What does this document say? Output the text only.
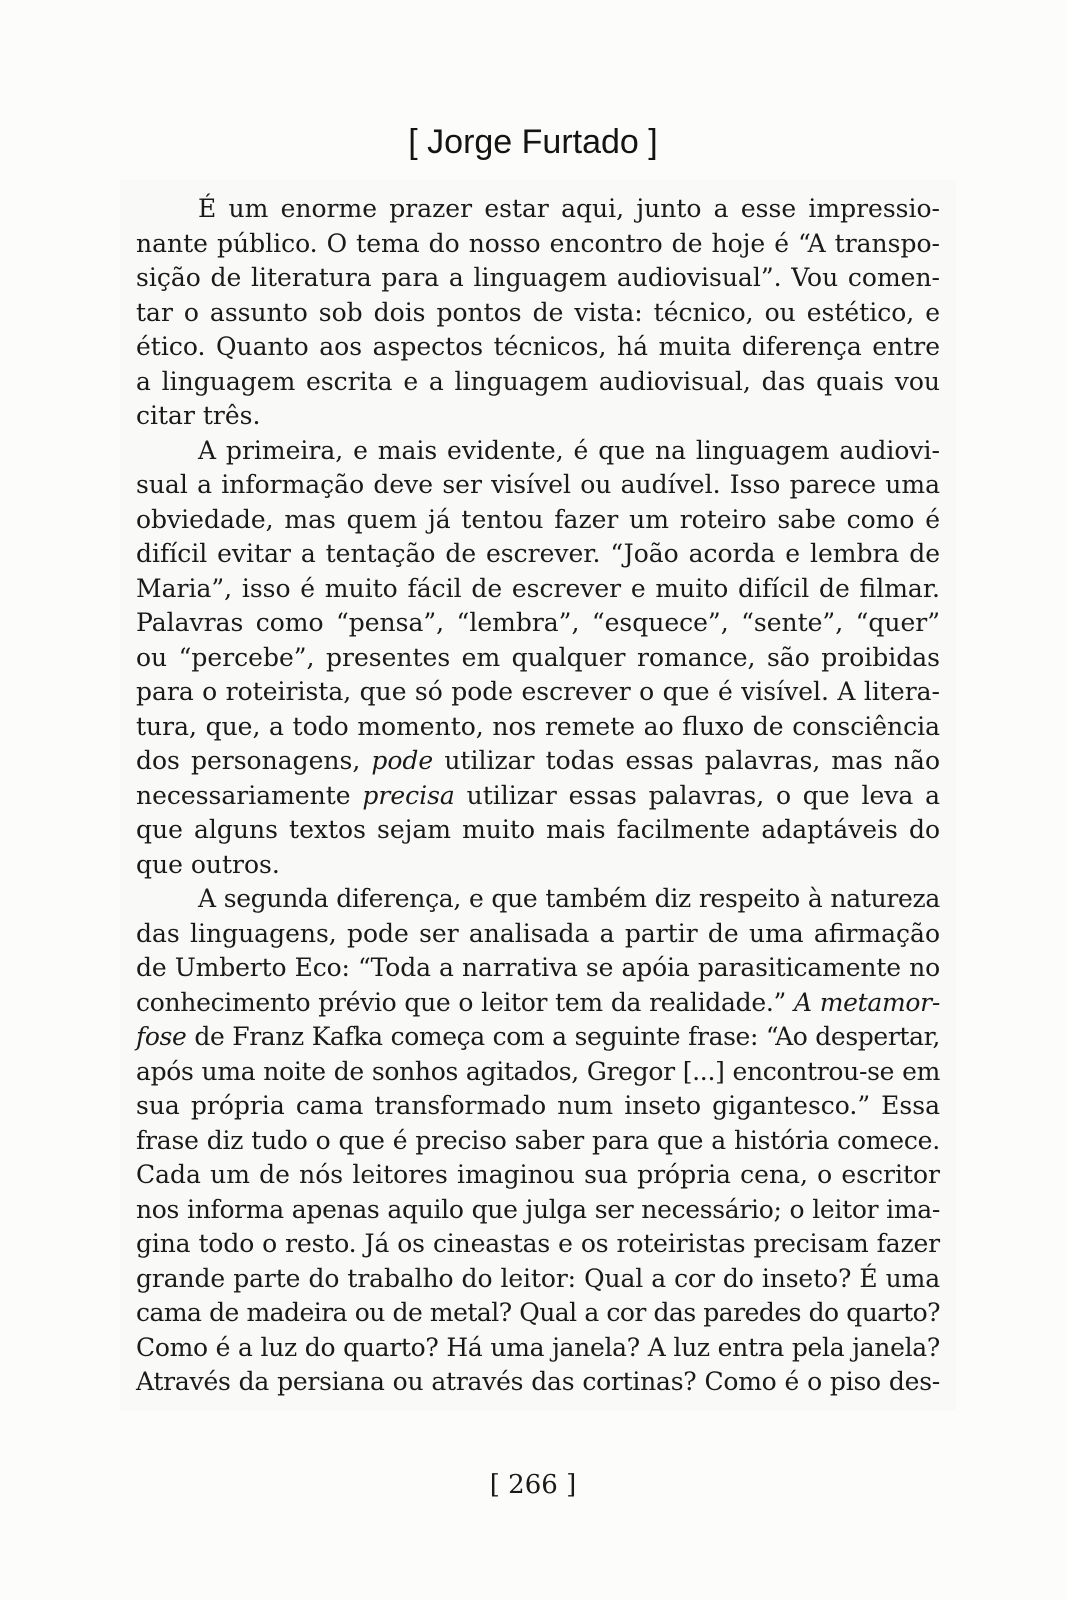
[ Jorge Furtado ]
É um enorme prazer estar aqui, junto a esse impressio-
nante público. O tema do nosso encontro de hoje é “A transpo-
sição de literatura para a linguagem audiovisual”. Vou comen-
tar o assunto sob dois pontos de vista: técnico, ou estético, e
ético. Quanto aos aspectos técnicos, há muita diferença entre
a linguagem escrita e a linguagem audiovisual, das quais vou
citar três.
A primeira, e mais evidente, é que na linguagem audiovi-
sual a informação deve ser visível ou audível. Isso parece uma
obviedade, mas quem já tentou fazer um roteiro sabe como é
difícil evitar a tentação de escrever. “João acorda e lembra de
Maria”, isso é muito fácil de escrever e muito difícil de filmar.
Palavras como “pensa”, “lembra”, “esquece”, “sente”, “quer”
ou “percebe”, presentes em qualquer romance, são proibidas
para o roteirista, que só pode escrever o que é visível. A litera-
tura, que, a todo momento, nos remete ao fluxo de consciência
dos personagens, pode utilizar todas essas palavras, mas não
necessariamente precisa utilizar essas palavras, o que leva a
que alguns textos sejam muito mais facilmente adaptáveis do
que outros.
A segunda diferença, e que também diz respeito à natureza
das linguagens, pode ser analisada a partir de uma afirmação
de Umberto Eco: “Toda a narrativa se apóia parasiticamente no
conhecimento prévio que o leitor tem da realidade.” A metamor-
fose de Franz Kafka começa com a seguinte frase: “Ao despertar,
após uma noite de sonhos agitados, Gregor [...] encontrou-se em
sua própria cama transformado num inseto gigantesco.” Essa
frase diz tudo o que é preciso saber para que a história comece.
Cada um de nós leitores imaginou sua própria cena, o escritor
nos informa apenas aquilo que julga ser necessário; o leitor ima-
gina todo o resto. Já os cineastas e os roteiristas precisam fazer
grande parte do trabalho do leitor: Qual a cor do inseto? É uma
cama de madeira ou de metal? Qual a cor das paredes do quarto?
Como é a luz do quarto? Há uma janela? A luz entra pela janela?
Através da persiana ou através das cortinas? Como é o piso des-
[ 266 ]
